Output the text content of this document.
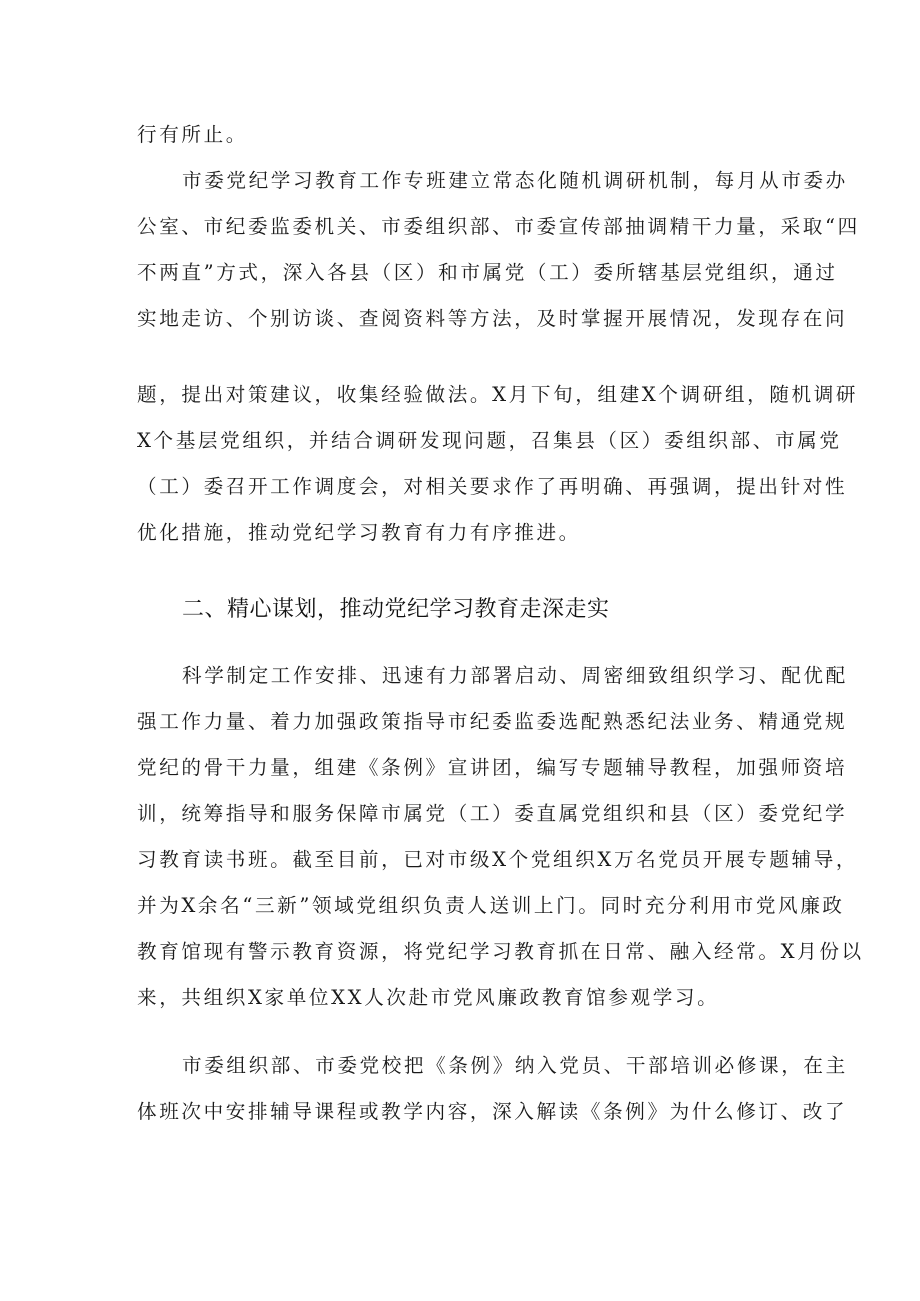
行有所止。
市委党纪学习教育工作专班建立常态化随机调研机制，每月从市委办
公室、市纪委监委机关、市委组织部、市委宣传部抽调精干力量，采取“四
不两直”方式，深入各县（区）和市属党（工）委所辖基层党组织，通过
实地走访、个别访谈、查阅资料等方法，及时掌握开展情况，发现存在问
题，提出对策建议，收集经验做法。X月下旬，组建X个调研组，随机调研
X个基层党组织，并结合调研发现问题，召集县（区）委组织部、市属党
（工）委召开工作调度会，对相关要求作了再明确、再强调，提出针对性
优化措施，推动党纪学习教育有力有序推进。
二、精心谋划，推动党纪学习教育走深走实
科学制定工作安排、迅速有力部署启动、周密细致组织学习、配优配
强工作力量、着力加强政策指导市纪委监委选配熟悉纪法业务、精通党规
党纪的骨干力量，组建《条例》宣讲团，编写专题辅导教程，加强师资培
训，统筹指导和服务保障市属党（工）委直属党组织和县（区）委党纪学
习教育读书班。截至目前，已对市级X个党组织X万名党员开展专题辅导，
并为X余名“三新”领域党组织负责人送训上门。同时充分利用市党风廉政
教育馆现有警示教育资源，将党纪学习教育抓在日常、融入经常。X月份以
来，共组织X家单位XX人次赴市党风廉政教育馆参观学习。
市委组织部、市委党校把《条例》纳入党员、干部培训必修课，在主
体班次中安排辅导课程或教学内容，深入解读《条例》为什么修订、改了
